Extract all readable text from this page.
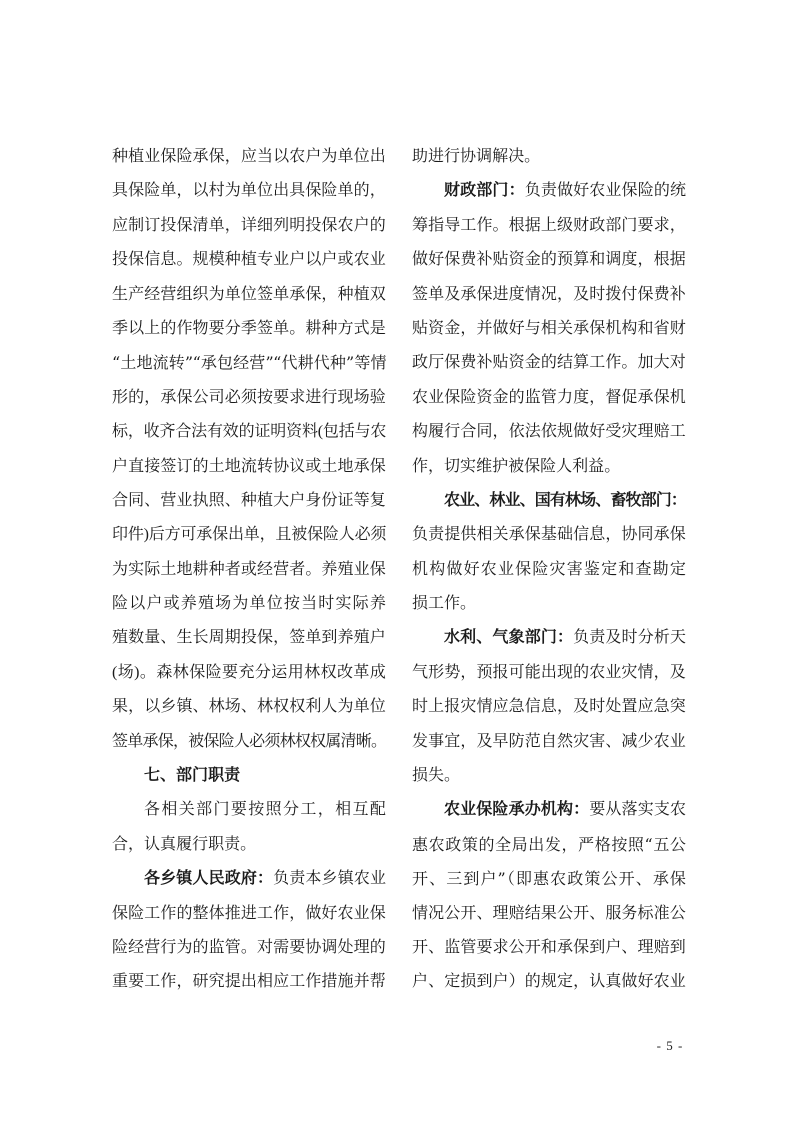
种植业保险承保，应当以农户为单位出
具保险单，以村为单位出具保险单的，
应制订投保清单，详细列明投保农户的
投保信息。规模种植专业户以户或农业
生产经营组织为单位签单承保，种植双
季以上的作物要分季签单。耕种方式是
“土地流转”“承包经营”“代耕代种”等情
形的，承保公司必须按要求进行现场验
标，收齐合法有效的证明资料(包括与农
户直接签订的土地流转协议或土地承保
合同、营业执照、种植大户身份证等复
印件)后方可承保出单，且被保险人必须
为实际土地耕种者或经营者。养殖业保
险以户或养殖场为单位按当时实际养
殖数量、生长周期投保，签单到养殖户
(场)。森林保险要充分运用林权改革成
果，以乡镇、林场、林权权利人为单位
签单承保，被保险人必须林权权属清晰。
七、部门职责
各相关部门要按照分工，相互配
合，认真履行职责。
各乡镇人民政府：负责本乡镇农业
保险工作的整体推进工作，做好农业保
险经营行为的监管。对需要协调处理的
重要工作，研究提出相应工作措施并帮
助进行协调解决。
财政部门：负责做好农业保险的统
筹指导工作。根据上级财政部门要求，
做好保费补贴资金的预算和调度，根据
签单及承保进度情况，及时拨付保费补
贴资金，并做好与相关承保机构和省财
政厅保费补贴资金的结算工作。加大对
农业保险资金的监管力度，督促承保机
构履行合同，依法依规做好受灾理赔工
作，切实维护被保险人利益。
农业、林业、国有林场、畜牧部门：
负责提供相关承保基础信息，协同承保
机构做好农业保险灾害鉴定和查勘定
损工作。
水利、气象部门：负责及时分析天
气形势，预报可能出现的农业灾情，及
时上报灾情应急信息，及时处置应急突
发事宜，及早防范自然灾害、减少农业
损失。
农业保险承办机构：要从落实支农
惠农政策的全局出发，严格按照“五公
开、三到户”（即惠农政策公开、承保
情况公开、理赔结果公开、服务标准公
开、监管要求公开和承保到户、理赔到
户、定损到户）的规定，认真做好农业
- 5 -
